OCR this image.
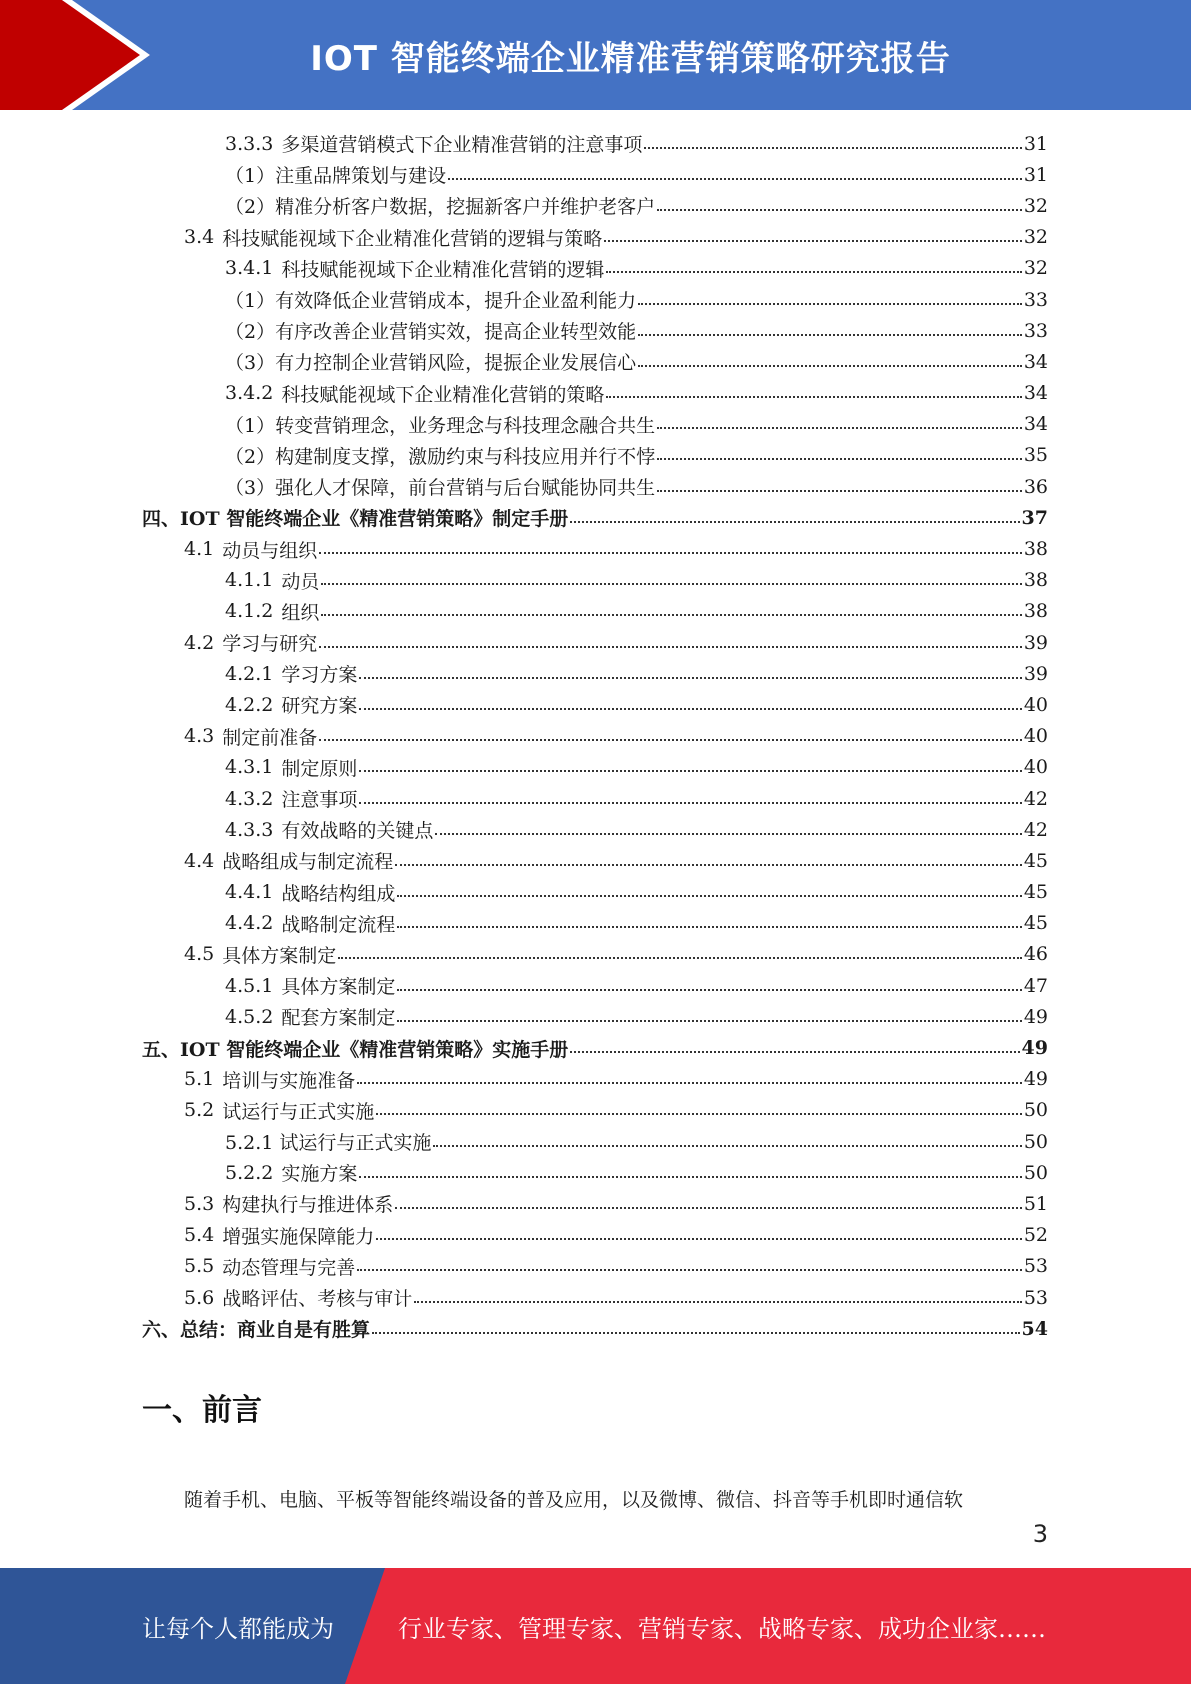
IOT 智能终端企业精准营销策略研究报告
3.3.3 多渠道营销模式下企业精准营销的注意事项	31
（1）注重品牌策划与建设	31
（2）精准分析客户数据，挖掘新客户并维护老客户	32
3.4 科技赋能视域下企业精准化营销的逻辑与策略	32
3.4.1 科技赋能视域下企业精准化营销的逻辑	32
（1）有效降低企业营销成本，提升企业盈利能力	33
（2）有序改善企业营销实效，提高企业转型效能	33
（3）有力控制企业营销风险，提振企业发展信心	34
3.4.2 科技赋能视域下企业精准化营销的策略	34
（1）转变营销理念，业务理念与科技理念融合共生	34
（2）构建制度支撑，激励约束与科技应用并行不悖	35
（3）强化人才保障，前台营销与后台赋能协同共生	36
四、IOT 智能终端企业《精准营销策略》制定手册	37
4.1 动员与组织	38
4.1.1 动员	38
4.1.2 组织	38
4.2 学习与研究	39
4.2.1 学习方案	39
4.2.2 研究方案	40
4.3 制定前准备	40
4.3.1 制定原则	40
4.3.2 注意事项	42
4.3.3 有效战略的关键点	42
4.4 战略组成与制定流程	45
4.4.1 战略结构组成	45
4.4.2 战略制定流程	45
4.5 具体方案制定	46
4.5.1 具体方案制定	47
4.5.2 配套方案制定	49
五、IOT 智能终端企业《精准营销策略》实施手册	49
5.1 培训与实施准备	49
5.2 试运行与正式实施	50
5.2.1 试运行与正式实施	50
5.2.2 实施方案	50
5.3 构建执行与推进体系	51
5.4 增强实施保障能力	52
5.5 动态管理与完善	53
5.6 战略评估、考核与审计	53
六、总结：商业自是有胜算	54
一、前言
随着手机、电脑、平板等智能终端设备的普及应用，以及微博、微信、抖音等手机即时通信软
3
让每个人都能成为	行业专家、管理专家、营销专家、战略专家、成功企业家……
